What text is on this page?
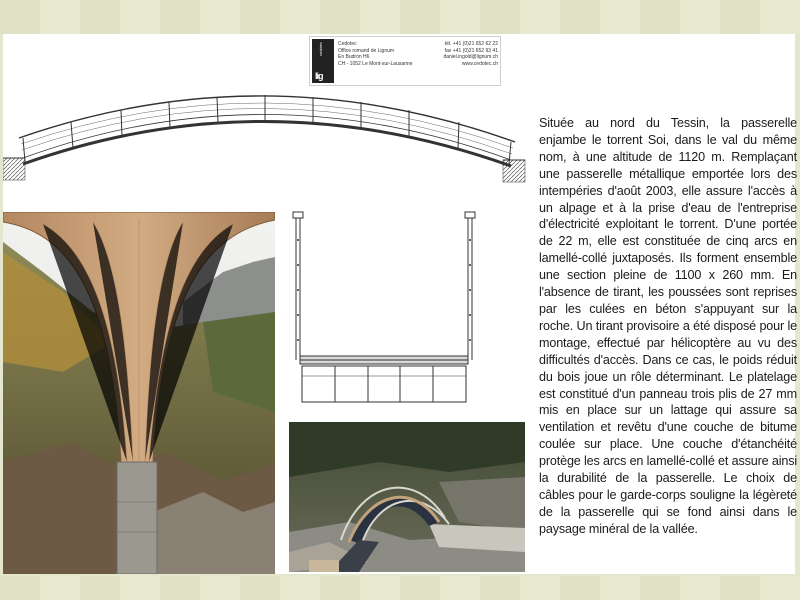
cedotec
lig
Cedotec
Office romand de Lignum
En Budron H6
CH - 1052 Le Mont-sur-Lausanne
tél. +41 (0)21 652 62 22
fax +41 (0)21 652 93 41
daniel.ingold@lignum.ch
www.cedotec.ch
Située au nord du Tessin, la passerelle enjambe le torrent Soi, dans le val du même nom, à une altitude de 1120 m. Remplaçant une passerelle métallique emportée lors des intempéries d'août 2003, elle assure l'accès à un alpage et à la prise d'eau de l'entreprise d'électricité exploitant le torrent. D'une portée de 22 m, elle est constituée de cinq arcs en lamellé-collé juxtaposés. Ils forment ensemble une section pleine de 1100 x 260 mm. En l'absence de tirant, les poussées sont reprises par les culées en béton s'appuyant sur la roche. Un tirant provisoire a été disposé pour le montage, effectué par hélicoptère au vu des difficultés d'accès. Dans ce cas, le poids réduit du bois joue un rôle déterminant. Le platelage est constitué d'un panneau trois plis de 27 mm mis en place sur un lattage qui assure sa ventilation et revêtu d'une couche de bitume coulée sur place. Une couche d'étanchéité protège les arcs en lamellé-collé et assure ainsi la durabilité de la passerelle. Le choix de câbles pour le garde-corps souligne la légèreté de la passerelle qui se fond ainsi dans le paysage minéral de la vallée.
